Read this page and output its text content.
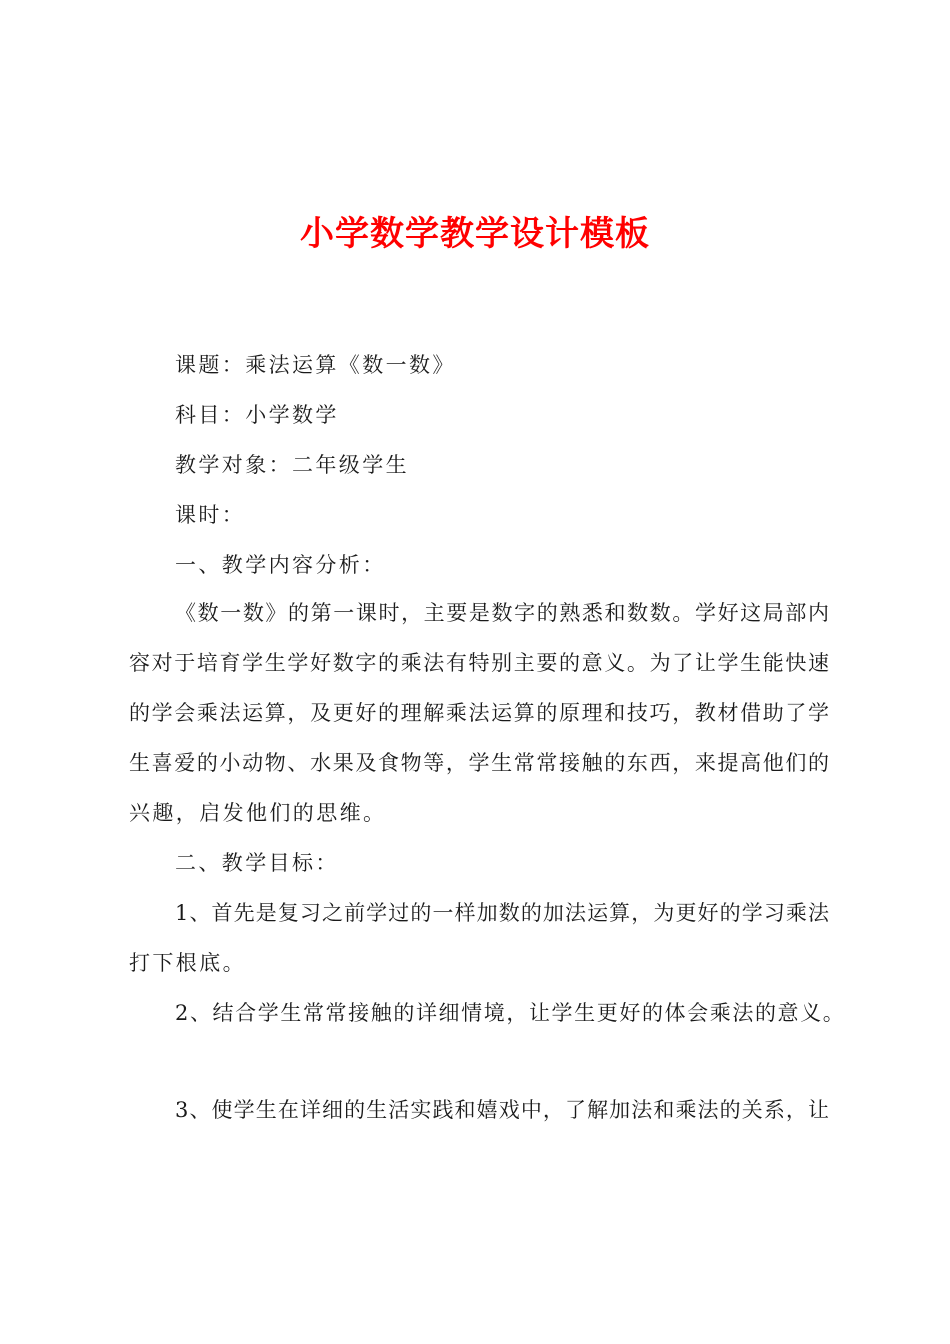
小学数学教学设计模板
课题：乘法运算《数一数》
科目：小学数学
教学对象：二年级学生
课时：
一、教学内容分析：
《数一数》的第一课时，主要是数字的熟悉和数数。学好这局部内
容对于培育学生学好数字的乘法有特别主要的意义。为了让学生能快速
的学会乘法运算，及更好的理解乘法运算的原理和技巧，教材借助了学
生喜爱的小动物、水果及食物等，学生常常接触的东西，来提高他们的
兴趣，启发他们的思维。
二、教学目标：
1、首先是复习之前学过的一样加数的加法运算，为更好的学习乘法
打下根底。
2、结合学生常常接触的详细情境，让学生更好的体会乘法的意义。
3、使学生在详细的生活实践和嬉戏中，了解加法和乘法的关系，让
